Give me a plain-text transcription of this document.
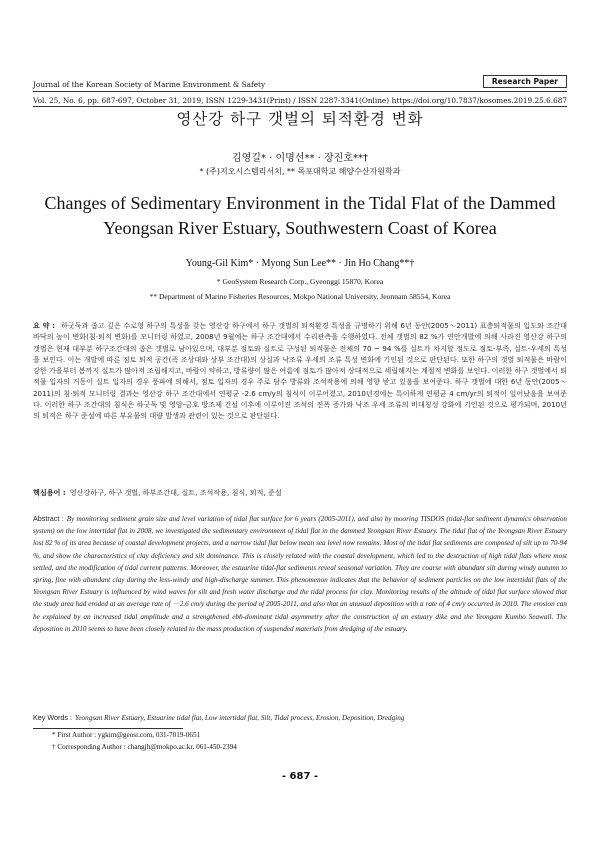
Journal of the Korean Society of Marine Environment & Safety	Research Paper
Vol. 25, No. 6, pp. 687-697, October 31, 2019, ISSN 1229-3431(Print) / ISSN 2287-3341(Online) https://doi.org/10.7837/kosomes.2019.25.6.687
영산강 하구 갯벌의 퇴적환경 변화
김영길* · 이명선** · 장진호**†
* (주)지오시스템리서치, ** 목포대학교 해양수산자원학과
Changes of Sedimentary Environment in the Tidal Flat of the Dammed
Yeongsan River Estuary, Southwestern Coast of Korea
Young-Gil Kim* · Myong Sun Lee** · Jin Ho Chang**†
* GeoSystem Research Corp., Gyeonggi 15870, Korea
** Department of Marine Fisheries Resources, Mokpo National University, Jeonnam 58554, Korea
요 약 : 하굿둑과 좁고 깊은 수로형 하구의 특성을 갖는 영산강 하구에서 하구 갯벌의 퇴적환경 특성을 규명하기 위해 6년 동안(2005～2011) 표층퇴적물의 입도와 조간대 바닥의 높이 변화(침·퇴적 변화)를 모니터링 하였고, 2008년 9월에는 하구 조간대에서 수리관측을 수행하였다. 전체 갯벌의 82 %가 연안개발에 의해 사라진 영산강 하구의 갯벌은 현재 대부분 하구조간대의 좁은 갯벌로 남아있으며, 대부분 점토와 실트로 구성된 퇴적물은 전체의 70 ~ 94 %를 실트가 차지할 정도로 점토-부족, 실트-우세의 특성을 보인다. 이는 개발에 따른 점토 퇴적 공간(즉 조상대와 상부 조간대)의 상실과 낙조류 우세의 조류 특성 변화에 기인된 것으로 판단된다. 또한 하구의 갯벌 퇴적물은 바람이 강한 가을부터 봄까지 실트가 많아져 조립해지고, 바람이 약하고, 방류량이 많은 여름에 점토가 많아져 상대적으로 세립해지는 계절적 변화를 보인다. 이러한 하구 갯벌에서 퇴적물 입자의 거동이 실트 입자의 경우 풍파에 의해서, 점토 입자의 경우 주로 담수 방류와 조석작용에 의해 영향 받고 있음을 보여준다. 하구 갯벌에 대한 6년 동안(2005～2011)의 침·퇴적 모니터링 결과는 영산강 하구 조간대에서 연평균 -2.6 cm/y의 침식이 이루어졌고, 2010년경에는 특이하게 연평균 4 cm/yr의 퇴적이 일어났음을 보여준다. 이러한 하구 조간대의 침식은 하굿둑 및 영암-금호 방조제 건설 이후에 이루어진 조석의 진폭 증가와 낙조 우세 조류의 비대칭성 강화에 기인된 것으로 평가되며, 2010년의 퇴적은 하구 준설에 따른 부유물의 대량 발생과 관련이 있는 것으로 판단된다.
핵심용어 : 영산강하구, 하구 갯벌, 하부조간대, 실트, 조석작용, 침식, 퇴적, 준설
Abstract : By monitoring sediment grain size and level variation of tidal flat surface for 6 years (2005-2011), and also by mooring TISDOS (tidal-flat sediment dynamics observation system) on the low intertidal flat in 2008, we investigated the sedimentary environment of tidal flat in the dammed Yeongsan River Estuary. The tidal flat of the Yeongsan River Estuary lost 82 % of its area because of coastal development projects, and a narrow tidal flat below mean sea level now remains. Most of the tidal flat sediments are composed of silt up to 70-94 %, and show the characteristics of clay deficiency and silt dominance. This is closely related with the coastal development, which led to the destruction of high tidal flats where most settled, and the modification of tidal current patterns. Moreover, the estuarine tidal-flat sediments reveal seasonal variation. They are coarse with abundant silt during windy autumn to spring, fine with abundant clay during the less-windy and high-discharge summer. This phenomenon indicates that the behavior of sediment particles on the low intertidal flats of the Yeongsan River Estuary is influenced by wind waves for silt and fresh water discharge and the tidal process for clay. Monitoring results of the altitude of tidal flat surface showed that the study area had eroded at an average rate of －2.6 cm/y during the period of 2005-2011, and also that an unusual deposition with a rate of 4 cm/y occurred in 2010. The erosion can be explained by an increased tidal amplitude and a strengthened ebb-dominant tidal asymmetry after the construction of an estuary dike and the Yeongam Kumho Seawall. The deposition in 2010 seems to have been closely related to the mass production of suspended materials from dredging of the estuary.
Key Words : Yeongsan River Estuary, Estuarine tidal flat, Low intertidal flat, Silt, Tidal process, Erosion, Deposition, Dredging
* First Author : ygkim@geosr.com, 031-7019-0651
† Corresponding Author : changjh@mokpo.ac.kr, 061-450-2394
- 687 -
